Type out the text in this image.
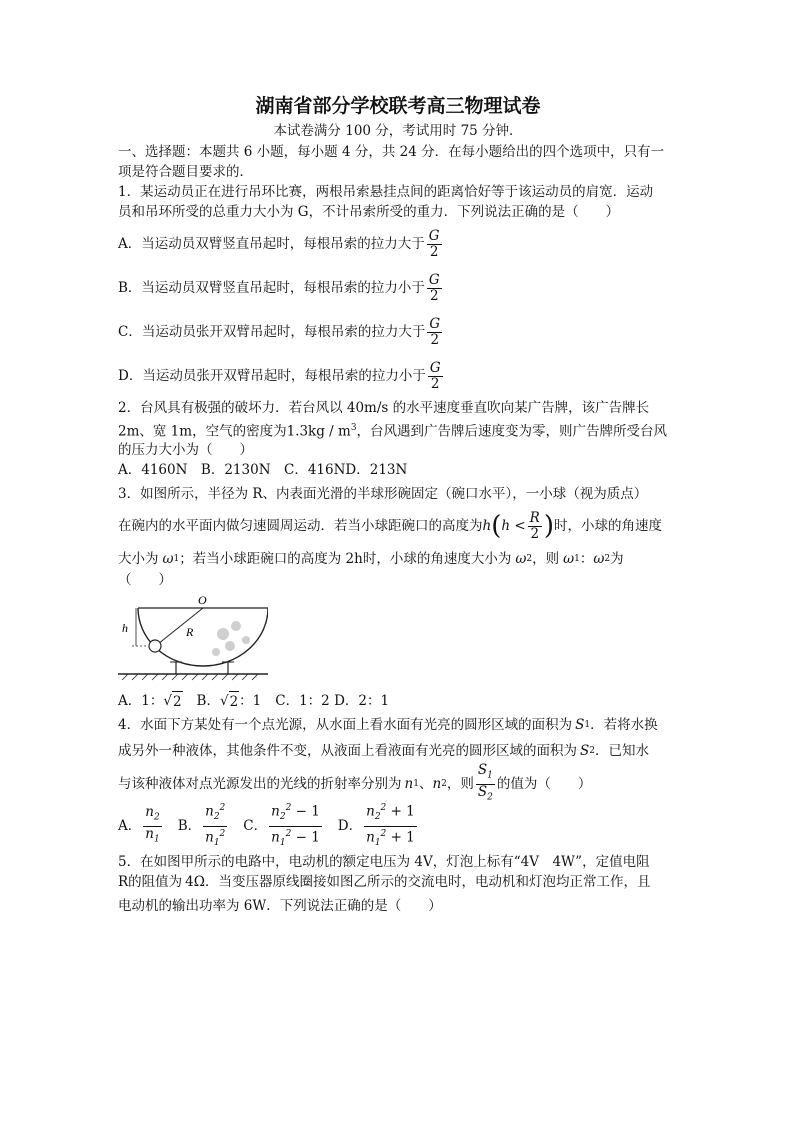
湖南省部分学校联考高三物理试卷

本试卷满分 100 分，考试用时 75 分钟．

一、选择题：本题共 6 小题，每小题 4 分，共 24 分．在每小题给出的四个选项中，只有一

项是符合题目要求的．

1．某运动员正在进行吊环比赛，两根吊索悬挂点间的距离恰好等于该运动员的肩宽．运动

员和吊环所受的总重力大小为 G，不计吊索所受的重力．下列说法正确的是（　　）

A．当运动员双臂竖直吊起时，每根吊索的拉力大于 $\frac{G}{2}$
B．当运动员双臂竖直吊起时，每根吊索的拉力小于 $\frac{G}{2}$
C．当运动员张开双臂吊起时，每根吊索的拉力大于 $\frac{G}{2}$
D．当运动员张开双臂吊起时，每根吊索的拉力小于 $\frac{G}{2}$

2．台风具有极强的破坏力．若台风以 40m/s 的水平速度垂直吹向某广告牌，该广告牌长

2m、宽 1m，空气的密度为$1.3kg / m^3$，台风遇到广告牌后速度变为零，则广告牌所受台风

的压力大小为（　　）

A．4160N　B．2130N　C．416ND．213N

3．如图所示，半径为 R、内表面光滑的半球形碗固定（碗口水平），一小球（视为质点）

在碗内的水平面内做匀速圆周运动．若当小球距碗口的高度为 h ( $h < \frac{R}{2}$ ) 时，小球的角速度
大小为 ω 1 ；若当小球距碗口的高度为 2h时，小球的角速度大小为 ω 2 ，则 ω 1 ： ω 2 为

（　　）

O
R
h
A．1： √ 2 B． √ 2 ：1 C．1：2 D．2：1
4．水面下方某处有一个点光源，从水面上看水面有光亮的圆形区域的面积为 S 1 ．若将水换
成另外一种液体，其他条件不变，从液面上看液面有光亮的圆形区域的面积为 S 2 ．已知水
与该种液体对点光源发出的光线的折射率分别为 n 1 、 n 2 ，则 $\frac{S_1}{S_2}$ 的值为（　　）
A． $\frac{n_2}{n_1}$ B． $\frac{n_2^2}{n_1^2}$ C． $\frac{n_2^2 - 1}{n_1^2 - 1}$ D． $\frac{n_2^2 + 1}{n_1^2 + 1}$

5．在如图甲所示的电路中，电动机的额定电压为 4V，灯泡上标有“4V　4W”，定值电阻

R的阻值为 4Ω．当变压器原线圈接如图乙所示的交流电时，电动机和灯泡均正常工作，且

电动机的输出功率为 6W．下列说法正确的是（　　）
